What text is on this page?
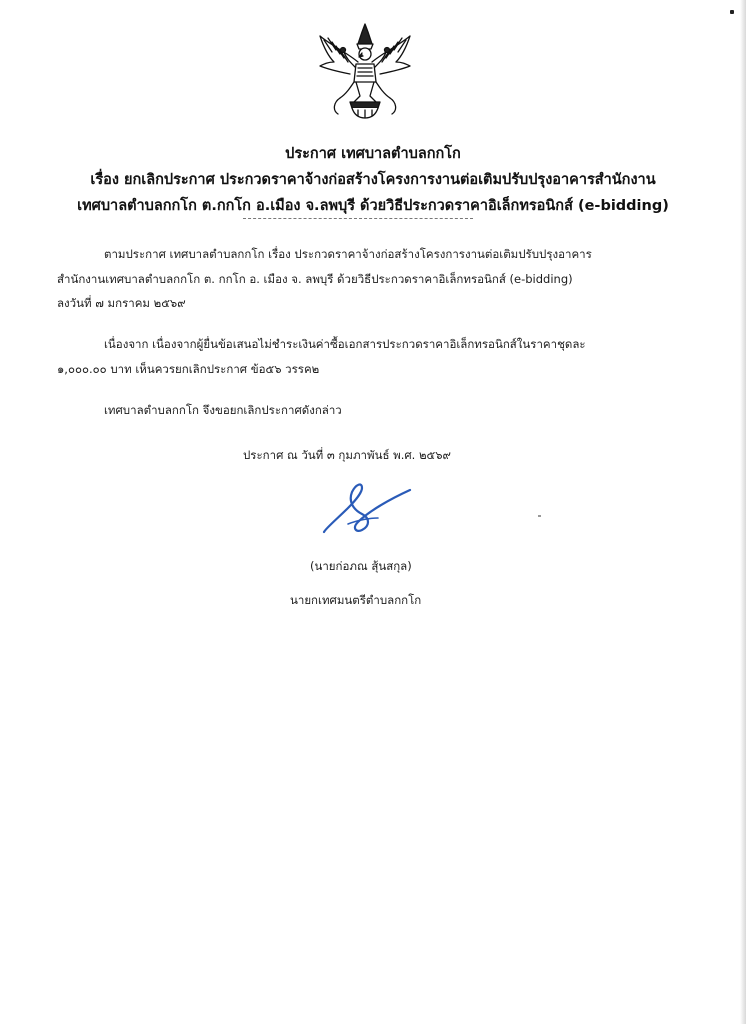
ประกาศ เทศบาลตำบลกกโก
เรื่อง ยกเลิกประกาศ ประกวดราคาจ้างก่อสร้างโครงการงานต่อเติมปรับปรุงอาคารสำนักงาน
เทศบาลตำบลกกโก ต.กกโก อ.เมือง จ.ลพบุรี ด้วยวิธีประกวดราคาอิเล็กทรอนิกส์ (e-bidding)
ตามประกาศ เทศบาลตำบลกกโก เรื่อง ประกวดราคาจ้างก่อสร้างโครงการงานต่อเติมปรับปรุงอาคาร
สำนักงานเทศบาลตำบลกกโก ต. กกโก อ. เมือง จ. ลพบุรี ด้วยวิธีประกวดราคาอิเล็กทรอนิกส์ (e-bidding)
ลงวันที่ ๗ มกราคม ๒๕๖๙
เนื่องจาก เนื่องจากผู้ยื่นข้อเสนอไม่ชำระเงินค่าซื้อเอกสารประกวดราคาอิเล็กทรอนิกส์ในราคาชุดละ
๑,๐๐๐.๐๐ บาท เห็นควรยกเลิกประกาศ ข้อ๕๖ วรรค๒
เทศบาลตำบลกกโก จึงขอยกเลิกประกาศดังกล่าว
ประกาศ ณ วันที่ ๓ กุมภาพันธ์ พ.ศ. ๒๕๖๙
(นายก่อภณ สุ้นสกุล)
นายกเทศมนตรีตำบลกกโก
